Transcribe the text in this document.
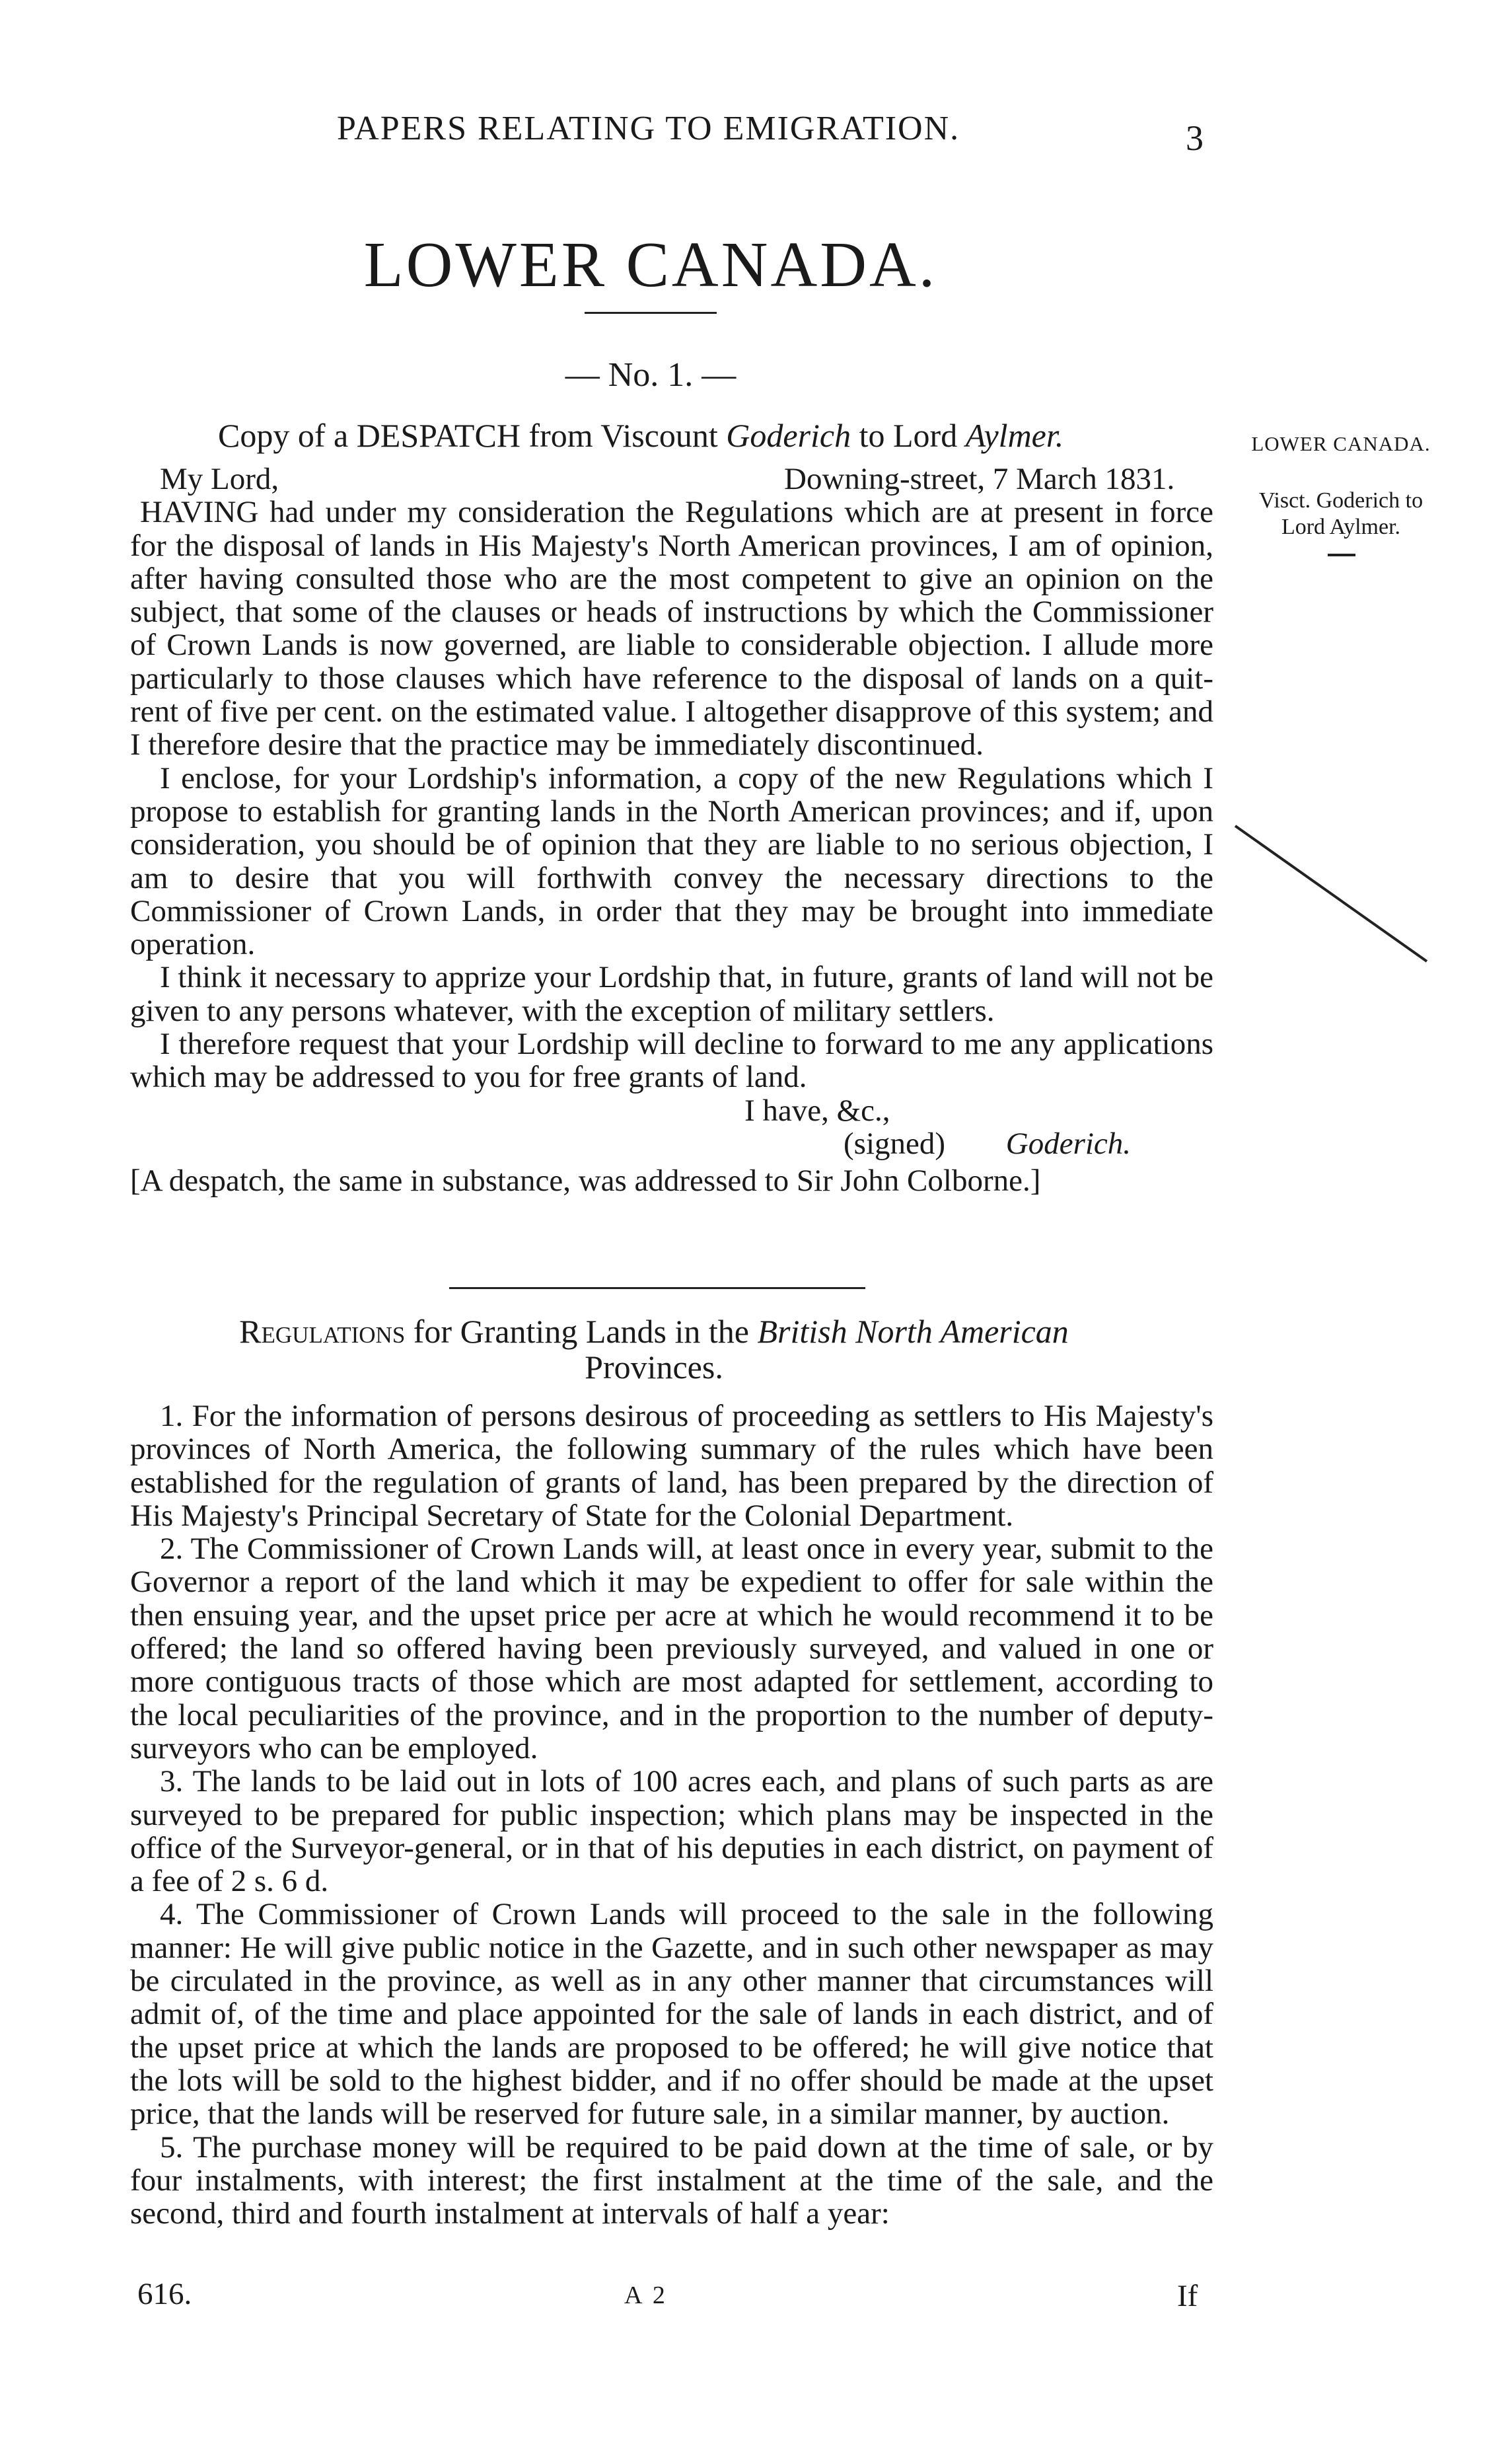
PAPERS RELATING TO EMIGRATION.	3
LOWER CANADA.
— No. 1. —
Copy of a DESPATCH from Viscount Goderich to Lord Aylmer.	LOWER CANADA.
Visct. Goderich to
Lord Aylmer.

My Lord,	Downing-street, 7 March 1831.

HAVING had under my consideration the Regulations which are at present in force for the disposal of lands in His Majesty's North American provinces, I am of opinion, after having consulted those who are the most competent to give an opinion on the subject, that some of the clauses or heads of instructions by which the Commissioner of Crown Lands is now governed, are liable to considerable objection. I allude more particularly to those clauses which have reference to the disposal of lands on a quit-rent of five per cent. on the estimated value. I altogether disapprove of this system; and I therefore desire that the practice may be immediately discontinued.

I enclose, for your Lordship's information, a copy of the new Regulations which I propose to establish for granting lands in the North American provinces; and if, upon consideration, you should be of opinion that they are liable to no serious objection, I am to desire that you will forthwith convey the necessary directions to the Commissioner of Crown Lands, in order that they may be brought into immediate operation.

I think it necessary to apprize your Lordship that, in future, grants of land will not be given to any persons whatever, with the exception of military settlers.

I therefore request that your Lordship will decline to forward to me any applications which may be addressed to you for free grants of land.

I have, &c.,

(signed) Goderich.

[A despatch, the same in substance, was addressed to Sir John Colborne.]

Regulations for Granting Lands in the British North American
Provinces.

1. For the information of persons desirous of proceeding as settlers to His Majesty's provinces of North America, the following summary of the rules which have been established for the regulation of grants of land, has been prepared by the direction of His Majesty's Principal Secretary of State for the Colonial Department.

2. The Commissioner of Crown Lands will, at least once in every year, submit to the Governor a report of the land which it may be expedient to offer for sale within the then ensuing year, and the upset price per acre at which he would recommend it to be offered; the land so offered having been previously surveyed, and valued in one or more contiguous tracts of those which are most adapted for settlement, according to the local peculiarities of the province, and in the proportion to the number of deputy-surveyors who can be employed.

3. The lands to be laid out in lots of 100 acres each, and plans of such parts as are surveyed to be prepared for public inspection; which plans may be inspected in the office of the Surveyor-general, or in that of his deputies in each district, on payment of a fee of 2 s. 6 d.

4. The Commissioner of Crown Lands will proceed to the sale in the following manner: He will give public notice in the Gazette, and in such other newspaper as may be circulated in the province, as well as in any other manner that circumstances will admit of, of the time and place appointed for the sale of lands in each district, and of the upset price at which the lands are proposed to be offered; he will give notice that the lots will be sold to the highest bidder, and if no offer should be made at the upset price, that the lands will be reserved for future sale, in a similar manner, by auction.

5. The purchase money will be required to be paid down at the time of sale, or by four instalments, with interest; the first instalment at the time of the sale, and the second, third and fourth instalment at intervals of half a year:

616.	A 2	If
